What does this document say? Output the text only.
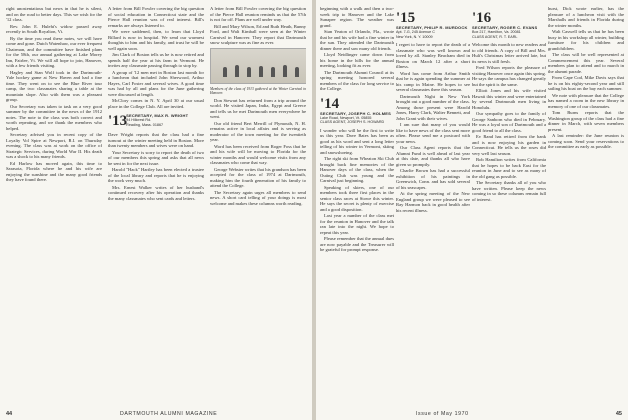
right unostentatious but news in that he is silent, and on the road to better days. This we wish for the '12 class.

Rev. John E. Huleht's widow passed away recently in South Royalton, Vt.

By the time you read these notes, we will have come and gone. Dutch Watenhaw, our ever frequent Chairman, and the committee have finished plans for the 58th, our annual gathering at Lake Morey Inn, Fairlee, Vt. We will all hope to join, Hanover, with a few friends visiting.

Hagley and Stan Wolf took in the Dartmouth-Yale hockey game at New Haven and had a fine time. They went on to see the Blue River tour camp, the two classmates sharing a table at the mountain slope. Also with them was a pleasant group.

Our Secretary was taken to task on a very good summer by the committee in the news of the 1912 notes. The note to the class was both correct and worth repeating, and we thank the members who helped.

Secretary advised you in recent copy of the Loyalty Vol Spire at Newport, R.I. on Thursday evening. The class was at work on the office of Strategic Services, during World War II. His death was a shock to his many friends.

Ed Harlow has moved again, this time to Sarasota, Florida where he and his wife are enjoying the sunshine and the many good friends they have found there.

A letter from Bill Fowler covering the big question of social education in Connecticut state and the Pierce Hall reunion was of real interest. Bill's remarks are always listened to.

We were saddened, then, to learn that Lloyd Billard is now in hospital. We send our warmest thoughts to him and his family, and trust he will be well again soon.

Jim Clark of Boston tells us he is now retired and spends half the year at his farm in Vermont. He invites any classmate passing through to stop by.

A group of '12 men met in Boston last month for a luncheon that included John Sherwood, Arthur Hayes, Carl Foster and several wives. A good time was had by all and plans for the June gathering were discussed at length.

McClory comes in N. Y. April 30 at our usual place in the College Club. All are invited.

'13 SECRETARY, MAX R. WRIGHT
94 Hillcrest Rd.
Reading, Mass. 01867

Dave Wright reports that the class had a fine turnout at the winter meeting held in Boston. More than twenty members and wives were on hand.

Your Secretary is sorry to report the death of two of our members this spring and asks that all news be sent in for the next issue.

Harold "Hack" Hartley has been elected a trustee of the local library and reports that he is enjoying the work very much.

Mrs. Ernest Walker writes of her husband's continued recovery after his operation and thanks the many classmates who sent cards and letters.

A letter from Bill Fowler covering the big question of the Pierce Hall reunion reminds us that the 57th is not far off. Plans are well under way.

Bill and Mary Wilson, Ed and Ruth Heath, Bunny Ford, and Walt Kimball were seen at the Winter Carnival in Hanover. They report that Dartmouth snow sculpture was as fine as ever.

Members of the class of 1913 gathered at the Winter Carnival in Hanover.

Don Stewart has returned from a trip around the world. He visited Japan, India, Egypt and Greece and tells us he met Dartmouth men everywhere he went.

Our old friend Bert Merrill of Plymouth, N. H. remains active in local affairs and is serving as moderator of the town meeting for the twentieth year.

Word has been received from Roger Foss that he and his wife will be moving to Florida for the winter months and would welcome visits from any classmates who come that way.

George Webster writes that his grandson has been accepted for the class of 1974 at Dartmouth, making him the fourth generation of his family to attend the College.

The Secretary again urges all members to send news. A short card telling of your doings is most welcome and makes these columns worth reading.

44	DARTMOUTH ALUMNI MAGAZINE

beginning with a walk and then a two-week trip to Hanover and the Lake Sunapee region. The weather was grand.

Stan Yeaton of Orlando, Fla., wrote that he and his wife had a fine winter in the sun. They attended the Dartmouth dinner there and saw many old friends.

Lloyd Neidlinger came down from his home in the hills for the annual meeting, looking fit as ever.

The Dartmouth Alumni Council at its spring meeting honored several members of the class for long service to the College.

'14 SECRETARY, JOSEPH C. HOLMES
Lake Road, Newport, Vt. 05855
CLASS AGENT, JOSEPH S. HOWARD

I wonder who will be the first to write us this year. Dave Bates has been as good as his word and sent a long letter telling of his winter in Vermont, skiing and snowshoeing.

The right ski from Wheaton Ski Club brought back fine memories of the Hanover days of the class, when the Outing Club was young and the Carnival just beginning.

Speaking of skiers, one of our members took three first places in the senior class races at Stowe this winter. He says the secret is plenty of exercise and a good disposition.

Last year a number of the class met for the reunion in Hanover and the talk ran late into the night. We hope to repeat this year.

Please remember that the annual dues are now payable and the Treasurer will be grateful for prompt response.

'15 SECRETARY, PHILIP R. MURDOCK
Apt. 7-G, 245 Avenue C
New York, N. Y. 10009

I regret to have to report the death of a classmate who was well known and loved by all. Stanley Beacham died in Boston on March 12 after a short illness.

Word has come from Arthur Smith that he is again spending the summer at his camp in Maine. He hopes to see several classmates there this season.

Dartmouth Night in New York brought out a good number of the class. Among those present were Harold Jones, Harry Clark, Walter Bennett, and John Grant with their wives.

I am sure that many of you would like to have news of the class sent more often. Please send me a postcard with your news.

Our Class Agent reports that the Alumni Fund is well ahead of last year at this date, and thanks all who have given so promptly.

Charlie Brown has had a successful exhibition of his paintings in Greenwich, Conn. and has sold several of his seascapes.

At the spring meeting of the New England group we were pleased to see Ray Harmon back in good health after his recent illness.

'16 SECRETARY, ROGER C. EVANS
Box 217, Hamilton, Va. 20081
CLASS AGENT, R. T. EARL

Welcome this month to new readers and to old friends. A copy of Bill and Mrs. Huli's Christmas letter arrived late, but its news is still fresh.

Fred Wilson reports the pleasure of visiting Hanover once again this spring. He says the campus has changed greatly but the spirit is the same.

Elliott Jones and his wife visited Hawaii this winter and were entertained by several Dartmouth men living in Honolulu.

Our sympathy goes to the family of George Sanborn who died in February. He was a loyal son of Dartmouth and a good friend to all the class.

Ev Rand has retired from the bank and is now enjoying his garden in Connecticut. He tells us the roses did very well last season.

Bob Hamilton writes from California that he hopes to be back East for the reunion in June and to see as many of the old gang as possible.

The Secretary thanks all of you who have written. Please keep the news coming in so these columns remain full of interest.

hurst, Dick wrote earlier, has the pleasure of a luncheon visit with the Marshalls and friends in Florida during the winter months.

Walt Caswell tells us that he has been busy in his workshop all winter, building furniture for his children and grandchildren.

The class will be well represented at Commencement this year. Several members plan to attend and to march in the alumni parade.

From Cape Cod, Mike Davis says that he is on his eighty-second year and still sailing his boat on the bay each summer.

We note with pleasure that the College has named a room in the new library in memory of one of our classmates.

Tom Burns reports that the Washington group of the class had a fine dinner in March, with seven members present.

A last reminder: the June reunion is coming soon. Send your reservations to the committee as early as possible.

Issue of May 1970	45
